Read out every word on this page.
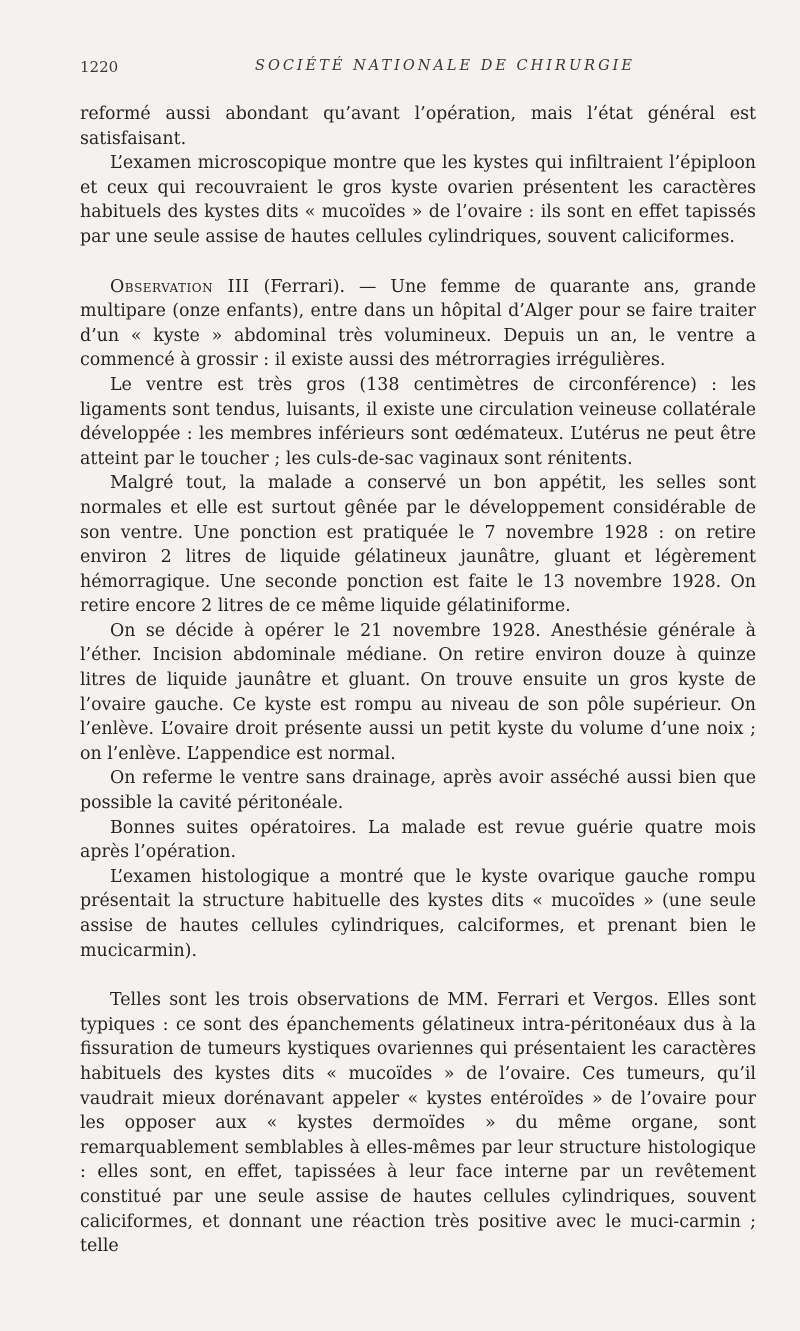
1220	SOCIÉTÉ NATIONALE DE CHIRURGIE

reformé aussi abondant qu’avant l’opération, mais l’état général est satisfaisant.

L’examen microscopique montre que les kystes qui infiltraient l’épiploon et ceux qui recouvraient le gros kyste ovarien présentent les caractères habituels des kystes dits « mucoïdes » de l’ovaire : ils sont en effet tapissés par une seule assise de hautes cellules cylindriques, souvent caliciformes.

Observation III (Ferrari). — Une femme de quarante ans, grande multipare (onze enfants), entre dans un hôpital d’Alger pour se faire traiter d’un « kyste » abdominal très volumineux. Depuis un an, le ventre a commencé à grossir : il existe aussi des métrorragies irrégulières.

Le ventre est très gros (138 centimètres de circonférence) : les ligaments sont tendus, luisants, il existe une circulation veineuse collatérale développée : les membres inférieurs sont œdémateux. L’utérus ne peut être atteint par le toucher ; les culs-de-sac vaginaux sont rénitents.

Malgré tout, la malade a conservé un bon appétit, les selles sont normales et elle est surtout gênée par le développement considérable de son ventre. Une ponction est pratiquée le 7 novembre 1928 : on retire environ 2 litres de liquide gélatineux jaunâtre, gluant et légèrement hémorragique. Une seconde ponction est faite le 13 novembre 1928. On retire encore 2 litres de ce même liquide gélatiniforme.

On se décide à opérer le 21 novembre 1928. Anesthésie générale à l’éther. Incision abdominale médiane. On retire environ douze à quinze litres de liquide jaunâtre et gluant. On trouve ensuite un gros kyste de l’ovaire gauche. Ce kyste est rompu au niveau de son pôle supérieur. On l’enlève. L’ovaire droit présente aussi un petit kyste du volume d’une noix ; on l’enlève. L’appendice est normal.

On referme le ventre sans drainage, après avoir asséché aussi bien que possible la cavité péritonéale.

Bonnes suites opératoires. La malade est revue guérie quatre mois après l’opération.

L’examen histologique a montré que le kyste ovarique gauche rompu présentait la structure habituelle des kystes dits « mucoïdes » (une seule assise de hautes cellules cylindriques, calciformes, et prenant bien le mucicarmin).

Telles sont les trois observations de MM. Ferrari et Vergos. Elles sont typiques : ce sont des épanchements gélatineux intra-péritonéaux dus à la fissuration de tumeurs kystiques ovariennes qui présentaient les caractères habituels des kystes dits « mucoïdes » de l’ovaire. Ces tumeurs, qu’il vaudrait mieux dorénavant appeler « kystes entéroïdes » de l’ovaire pour les opposer aux « kystes dermoïdes » du même organe, sont remarquablement semblables à elles-mêmes par leur structure histologique : elles sont, en effet, tapissées à leur face interne par un revêtement constitué par une seule assise de hautes cellules cylindriques, souvent caliciformes, et donnant une réaction très positive avec le muci-carmin ; telle
